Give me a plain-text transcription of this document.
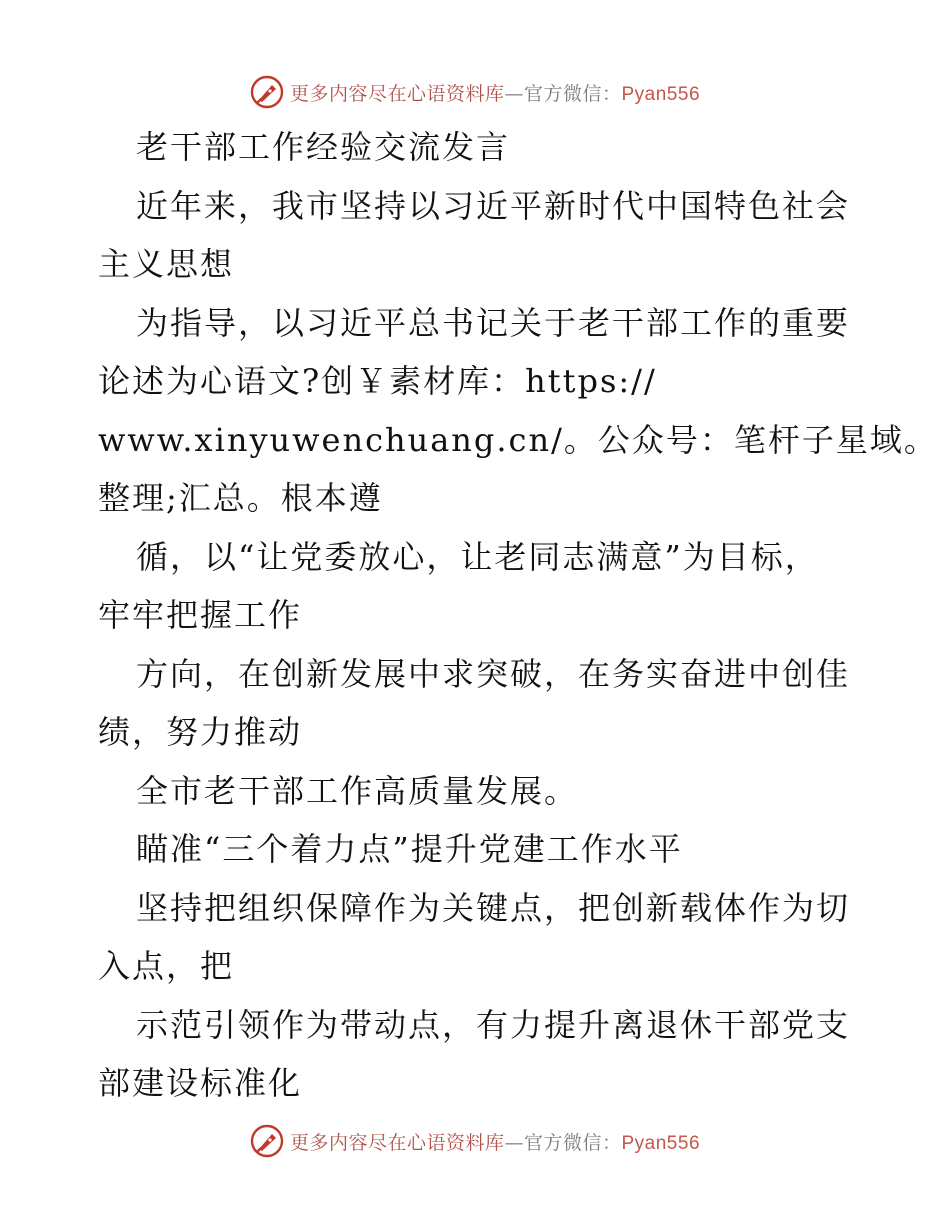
更多内容尽在心语资料库—官方微信：Pyan556
老干部工作经验交流发言
近年来，我市坚持以习近平新时代中国特色社会
主义思想
为指导，以习近平总书记关于老干部工作的重要
论述为心语文?创￥素材库：https://
www.xinyuwenchuang.cn/。公众号：笔杆子星域。
整理;汇总。根本遵
循，以“让党委放心，让老同志满意”为目标，
牢牢把握工作
方向，在创新发展中求突破，在务实奋进中创佳
绩，努力推动
全市老干部工作高质量发展。
瞄准“三个着力点”提升党建工作水平
坚持把组织保障作为关键点，把创新载体作为切
入点，把
示范引领作为带动点，有力提升离退休干部党支
部建设标准化
更多内容尽在心语资料库—官方微信：Pyan556
